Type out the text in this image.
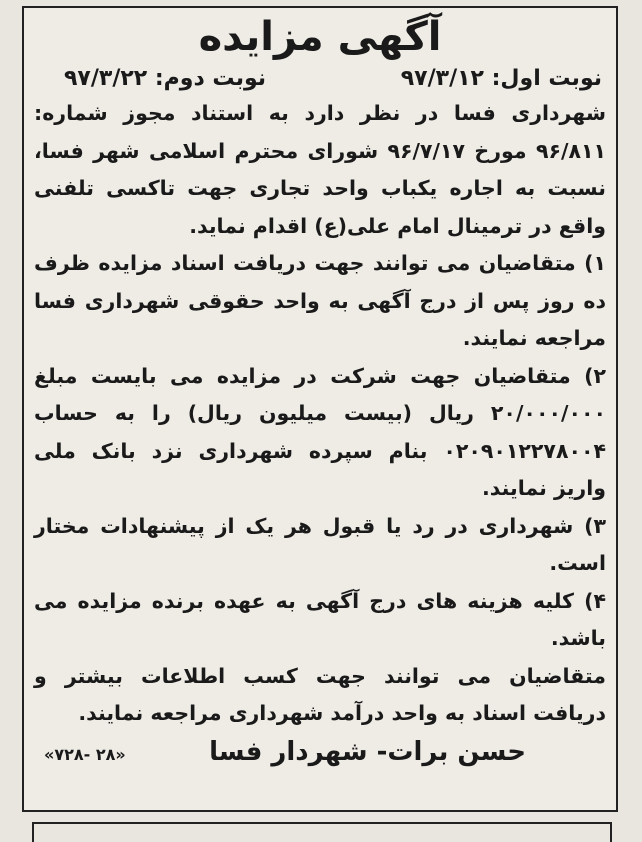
آگهی مزایده
نوبت اول: ۹۷/۳/۱۲
نوبت دوم: ۹۷/۳/۲۲

شهرداری فسا در نظر دارد به استناد مجوز شماره: ۹۶/۸۱۱ مورخ ۹۶/۷/۱۷ شورای محترم اسلامی شهر فسا، نسبت به اجاره یکباب واحد تجاری جهت تاکسی تلفنی واقع در ترمینال امام علی(ع) اقدام نماید.

۱) متقاضیان می توانند جهت دریافت اسناد مزایده ظرف ده روز پس از درج آگهی به واحد حقوقی شهرداری فسا مراجعه نمایند.

۲) متقاضیان جهت شرکت در مزایده می بایست مبلغ ۲۰/۰۰۰/۰۰۰ ریال (بیست میلیون ریال) را به حساب ۰۲۰۹۰۱۲۲۷۸۰۰۴ بنام سپرده شهرداری نزد بانک ملی واریز نمایند.

۳) شهرداری در رد یا قبول هر یک از پیشنهادات مختار است.

۴) کلیه هزینه های درج آگهی به عهده برنده مزایده می باشد.

متقاضیان می توانند جهت کسب اطلاعات بیشتر و دریافت اسناد به واحد درآمد شهرداری مراجعه نمایند.

حسن برات- شهردار فسا
«۲۸ -۷۲۸»
